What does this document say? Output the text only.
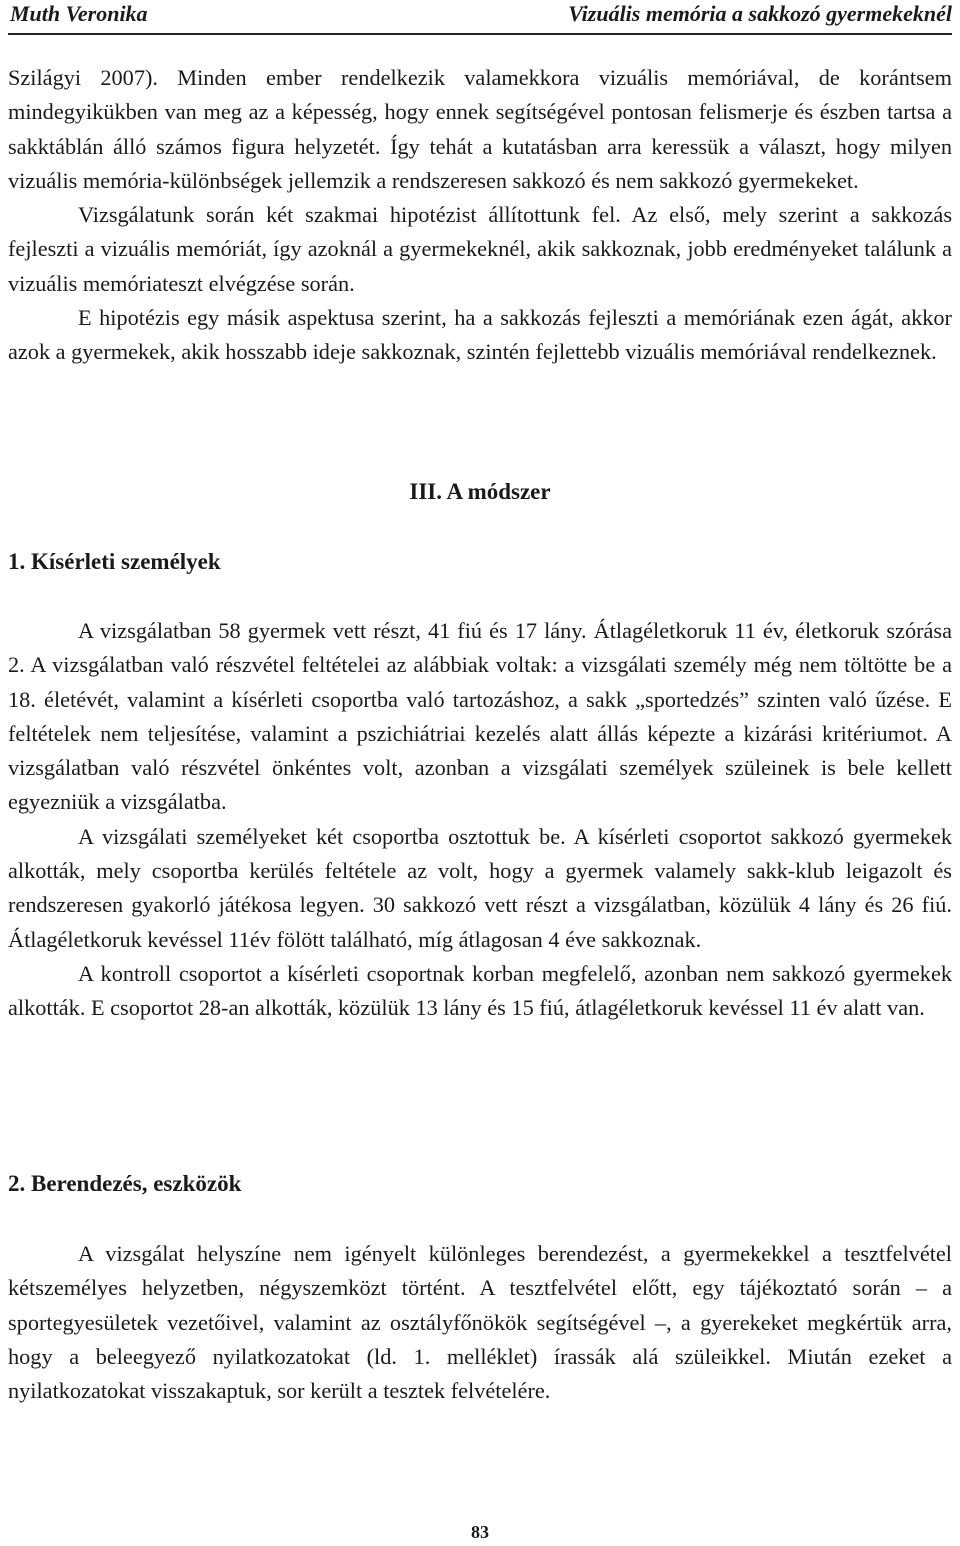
Muth Veronika	Vizuális memória a sakkozó gyermekeknél

Szilágyi 2007). Minden ember rendelkezik valamekkora vizuális memóriával, de korántsem mindegyikükben van meg az a képesség, hogy ennek segítségével pontosan felismerje és észben tartsa a sakktáblán álló számos figura helyzetét. Így tehát a kutatásban arra keressük a választ, hogy milyen vizuális memória-különbségek jellemzik a rendszeresen sakkozó és nem sakkozó gyermekeket.

Vizsgálatunk során két szakmai hipotézist állítottunk fel. Az első, mely szerint a sakkozás fejleszti a vizuális memóriát, így azoknál a gyermekeknél, akik sakkoznak, jobb eredményeket találunk a vizuális memóriateszt elvégzése során.

E hipotézis egy másik aspektusa szerint, ha a sakkozás fejleszti a memóriának ezen ágát, akkor azok a gyermekek, akik hosszabb ideje sakkoznak, szintén fejlettebb vizuális memóriával rendelkeznek.

III. A módszer
1. Kísérleti személyek

A vizsgálatban 58 gyermek vett részt, 41 fiú és 17 lány. Átlagéletkoruk 11 év, életkoruk szórása 2. A vizsgálatban való részvétel feltételei az alábbiak voltak: a vizsgálati személy még nem töltötte be a 18. életévét, valamint a kísérleti csoportba való tartozáshoz, a sakk „sportedzés” szinten való űzése. E feltételek nem teljesítése, valamint a pszichiátriai kezelés alatt állás képezte a kizárási kritériumot. A vizsgálatban való részvétel önkéntes volt, azonban a vizsgálati személyek szüleinek is bele kellett egyezniük a vizsgálatba.

A vizsgálati személyeket két csoportba osztottuk be. A kísérleti csoportot sakkozó gyermekek alkották, mely csoportba kerülés feltétele az volt, hogy a gyermek valamely sakk-klub leigazolt és rendszeresen gyakorló játékosa legyen. 30 sakkozó vett részt a vizsgálatban, közülük 4 lány és 26 fiú. Átlagéletkoruk kevéssel 11év fölött található, míg átlagosan 4 éve sakkoznak.

A kontroll csoportot a kísérleti csoportnak korban megfelelő, azonban nem sakkozó gyermekek alkották. E csoportot 28-an alkották, közülük 13 lány és 15 fiú, átlagéletkoruk kevéssel 11 év alatt van.

2. Berendezés, eszközök

A vizsgálat helyszíne nem igényelt különleges berendezést, a gyermekekkel a tesztfelvétel kétszemélyes helyzetben, négyszemközt történt. A tesztfelvétel előtt, egy tájékoztató során – a sportegyesületek vezetőivel, valamint az osztályfőnökök segítségével –, a gyerekeket megkértük arra, hogy a beleegyező nyilatkozatokat (ld. 1. melléklet) írassák alá szüleikkel. Miután ezeket a nyilatkozatokat visszakaptuk, sor került a tesztek felvételére.

83
